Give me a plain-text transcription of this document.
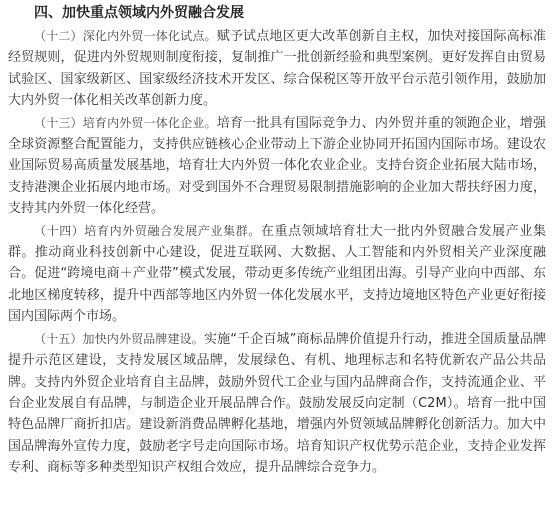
四、加快重点领域内外贸融合发展

（十二）深化内外贸一体化试点。赋予试点地区更大改革创新自主权，加快对接国际高标准经贸规则，促进内外贸规则制度衔接，复制推广一批创新经验和典型案例。更好发挥自由贸易试验区、国家级新区、国家级经济技术开发区、综合保税区等开放平台示范引领作用，鼓励加大内外贸一体化相关改革创新力度。

（十三）培育内外贸一体化企业。培育一批具有国际竞争力、内外贸并重的领跑企业，增强全球资源整合配置能力，支持供应链核心企业带动上下游企业协同开拓国内国际市场。建设农业国际贸易高质量发展基地，培育壮大内外贸一体化农业企业。支持台资企业拓展大陆市场，支持港澳企业拓展内地市场。对受到国外不合理贸易限制措施影响的企业加大帮扶纾困力度，支持其内外贸一体化经营。

（十四）培育内外贸融合发展产业集群。在重点领域培育壮大一批内外贸融合发展产业集群。推动商业科技创新中心建设，促进互联网、大数据、人工智能和内外贸相关产业深度融合。促进“跨境电商＋产业带”模式发展，带动更多传统产业组团出海。引导产业向中西部、东北地区梯度转移，提升中西部等地区内外贸一体化发展水平，支持边境地区特色产业更好衔接国内国际两个市场。

（十五）加快内外贸品牌建设。实施“千企百城”商标品牌价值提升行动，推进全国质量品牌提升示范区建设，支持发展区域品牌，发展绿色、有机、地理标志和名特优新农产品公共品牌。支持内外贸企业培育自主品牌，鼓励外贸代工企业与国内品牌商合作，支持流通企业、平台企业发展自有品牌，与制造企业开展品牌合作。鼓励发展反向定制（C2M）。培育一批中国特色品牌厂商折扣店。建设新消费品牌孵化基地，增强内外贸领域品牌孵化创新活力。加大中国品牌海外宣传力度，鼓励老字号走向国际市场。培育知识产权优势示范企业，支持企业发挥专利、商标等多种类型知识产权组合效应，提升品牌综合竞争力。
